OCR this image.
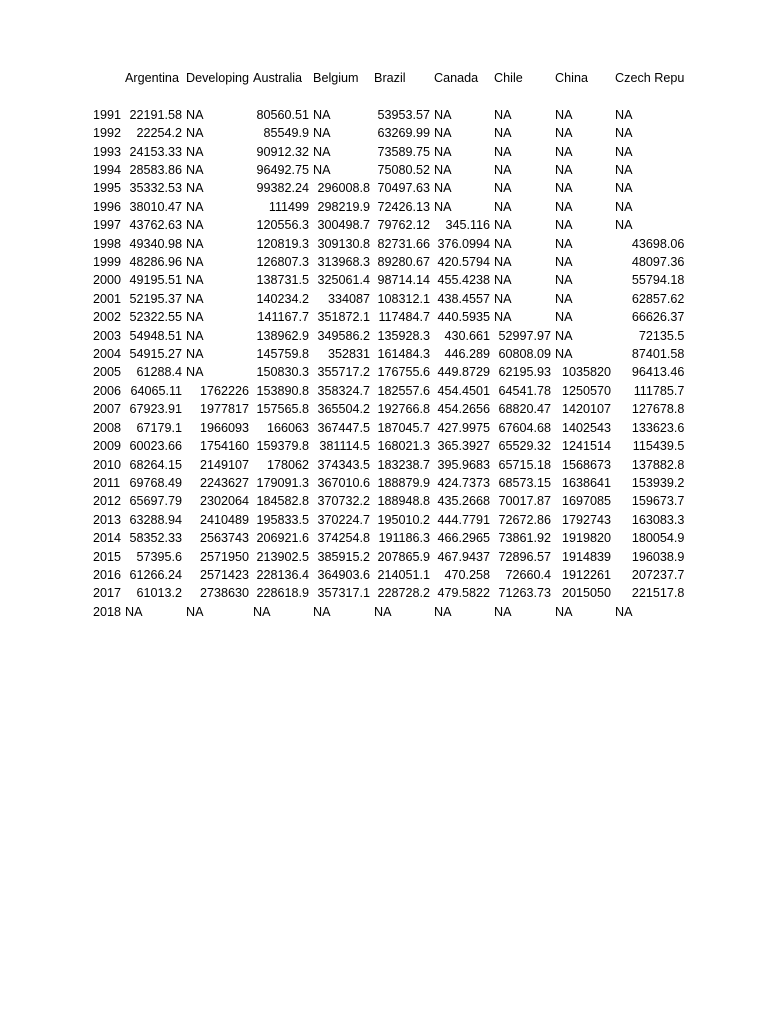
	Argentina	Developing	Australia	Belgium	Brazil	Canada	Chile	China	Czech Repu

1991	22191.58	NA	80560.51	NA	53953.57	NA	NA	NA	NA
1992	22254.2	NA	85549.9	NA	63269.99	NA	NA	NA	NA
1993	24153.33	NA	90912.32	NA	73589.75	NA	NA	NA	NA
1994	28583.86	NA	96492.75	NA	75080.52	NA	NA	NA	NA
1995	35332.53	NA	99382.24	296008.8	70497.63	NA	NA	NA	NA
1996	38010.47	NA	111499	298219.9	72426.13	NA	NA	NA	NA
1997	43762.63	NA	120556.3	300498.7	79762.12	345.116	NA	NA	NA
1998	49340.98	NA	120819.3	309130.8	82731.66	376.0994	NA	NA	43698.06
1999	48286.96	NA	126807.3	313968.3	89280.67	420.5794	NA	NA	48097.36
2000	49195.51	NA	138731.5	325061.4	98714.14	455.4238	NA	NA	55794.18
2001	52195.37	NA	140234.2	334087	108312.1	438.4557	NA	NA	62857.62
2002	52322.55	NA	141167.7	351872.1	117484.7	440.5935	NA	NA	66626.37
2003	54948.51	NA	138962.9	349586.2	135928.3	430.661	52997.97	NA	72135.5
2004	54915.27	NA	145759.8	352831	161484.3	446.289	60808.09	NA	87401.58
2005	61288.4	NA	150830.3	355717.2	176755.6	449.8729	62195.93	1035820	96413.46
2006	64065.11	1762226	153890.8	358324.7	182557.6	454.4501	64541.78	1250570	111785.7
2007	67923.91	1977817	157565.8	365504.2	192766.8	454.2656	68820.47	1420107	127678.8
2008	67179.1	1966093	166063	367447.5	187045.7	427.9975	67604.68	1402543	133623.6
2009	60023.66	1754160	159379.8	381114.5	168021.3	365.3927	65529.32	1241514	115439.5
2010	68264.15	2149107	178062	374343.5	183238.7	395.9683	65715.18	1568673	137882.8
2011	69768.49	2243627	179091.3	367010.6	188879.9	424.7373	68573.15	1638641	153939.2
2012	65697.79	2302064	184582.8	370732.2	188948.8	435.2668	70017.87	1697085	159673.7
2013	63288.94	2410489	195833.5	370224.7	195010.2	444.7791	72672.86	1792743	163083.3
2014	58352.33	2563743	206921.6	374254.8	191186.3	466.2965	73861.92	1919820	180054.9
2015	57395.6	2571950	213902.5	385915.2	207865.9	467.9437	72896.57	1914839	196038.9
2016	61266.24	2571423	228136.4	364903.6	214051.1	470.258	72660.4	1912261	207237.7
2017	61013.2	2738630	228618.9	357317.1	228728.2	479.5822	71263.73	2015050	221517.8
2018	NA	NA	NA	NA	NA	NA	NA	NA	NA
